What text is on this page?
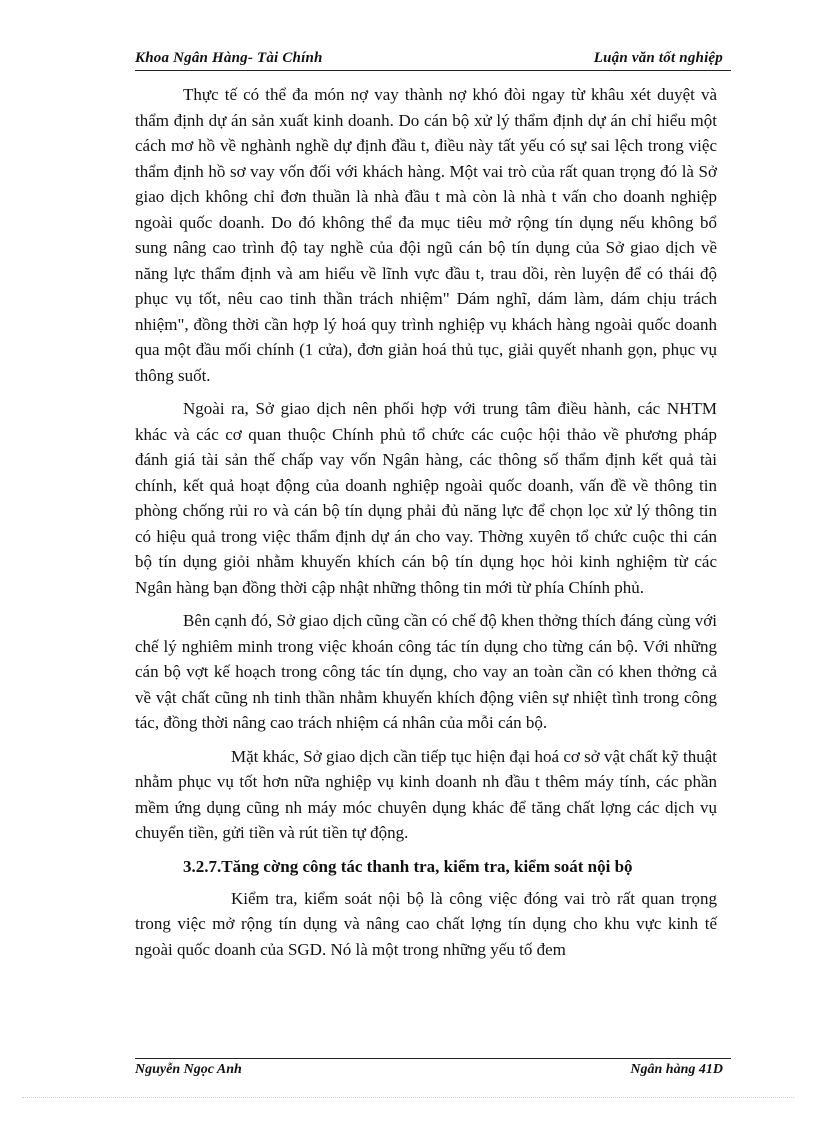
Khoa Ngân Hàng- Tài Chính	Luận văn tốt nghiệp

Thực tế có thể đa món nợ vay thành nợ khó đòi ngay từ khâu xét duyệt và thẩm định dự án sản xuất kinh doanh. Do cán bộ xử lý thẩm định dự án chỉ hiểu một cách mơ hồ về nghành nghề dự định đầu t, điều này tất yếu có sự sai lệch trong việc thẩm định hồ sơ vay vốn đối với khách hàng. Một vai trò của rất quan trọng đó là Sở giao dịch không chỉ đơn thuần là nhà đầu t mà còn là nhà t vấn cho doanh nghiệp ngoài quốc doanh. Do đó không thể đa mục tiêu mở rộng tín dụng nếu không bổ sung nâng cao trình độ tay nghề của đội ngũ cán bộ tín dụng của Sở giao dịch về năng lực thẩm định và am hiểu về lĩnh vực đầu t, trau dồi, rèn luyện để có thái độ phục vụ tốt, nêu cao tinh thần trách nhiệm" Dám nghĩ, dám làm, dám chịu trách nhiệm", đồng thời cần hợp lý hoá quy trình nghiệp vụ khách hàng ngoài quốc doanh qua một đầu mối chính (1 cửa), đơn giản hoá thủ tục, giải quyết nhanh gọn, phục vụ thông suốt.

Ngoài ra, Sở giao dịch nên phối hợp với trung tâm điều hành, các NHTM khác và các cơ quan thuộc Chính phủ tổ chức các cuộc hội thảo về phương pháp đánh giá tài sản thế chấp vay vốn Ngân hàng, các thông số thẩm định kết quả tài chính, kết quả hoạt động của doanh nghiệp ngoài quốc doanh, vấn đề về thông tin phòng chống rủi ro và cán bộ tín dụng phải đủ năng lực để chọn lọc xử lý thông tin có hiệu quả trong việc thẩm định dự án cho vay. Thờng xuyên tổ chức cuộc thi cán bộ tín dụng giỏi nhằm khuyến khích cán bộ tín dụng học hỏi kinh nghiệm từ các Ngân hàng bạn đồng thời cập nhật những thông tin mới từ phía Chính phủ.

Bên cạnh đó, Sở giao dịch cũng cần có chế độ khen thởng thích đáng cùng với chế lý nghiêm minh trong việc khoán công tác tín dụng cho từng cán bộ. Với những cán bộ vợt kế hoạch trong công tác tín dụng, cho vay an toàn cần có khen thởng cả về vật chất cũng nh tinh thần nhằm khuyến khích động viên sự nhiệt tình trong công tác, đồng thời nâng cao trách nhiệm cá nhân của mỗi cán bộ.

Mặt khác, Sở giao dịch cần tiếp tục hiện đại hoá cơ sở vật chất kỹ thuật nhằm phục vụ tốt hơn nữa nghiệp vụ kinh doanh nh đầu t thêm máy tính, các phần mềm ứng dụng cũng nh máy móc chuyên dụng khác để tăng chất lợng các dịch vụ chuyển tiền, gửi tiền và rút tiền tự động.

3.2.7.Tăng cờng công tác thanh tra, kiểm tra, kiểm soát nội bộ

Kiểm tra, kiểm soát nội bộ là công việc đóng vai trò rất quan trọng trong việc mở rộng tín dụng và nâng cao chất lợng tín dụng cho khu vực kinh tế ngoài quốc doanh của SGD. Nó là một trong những yếu tố đem

Nguyễn Ngọc Anh	Ngân hàng 41D
